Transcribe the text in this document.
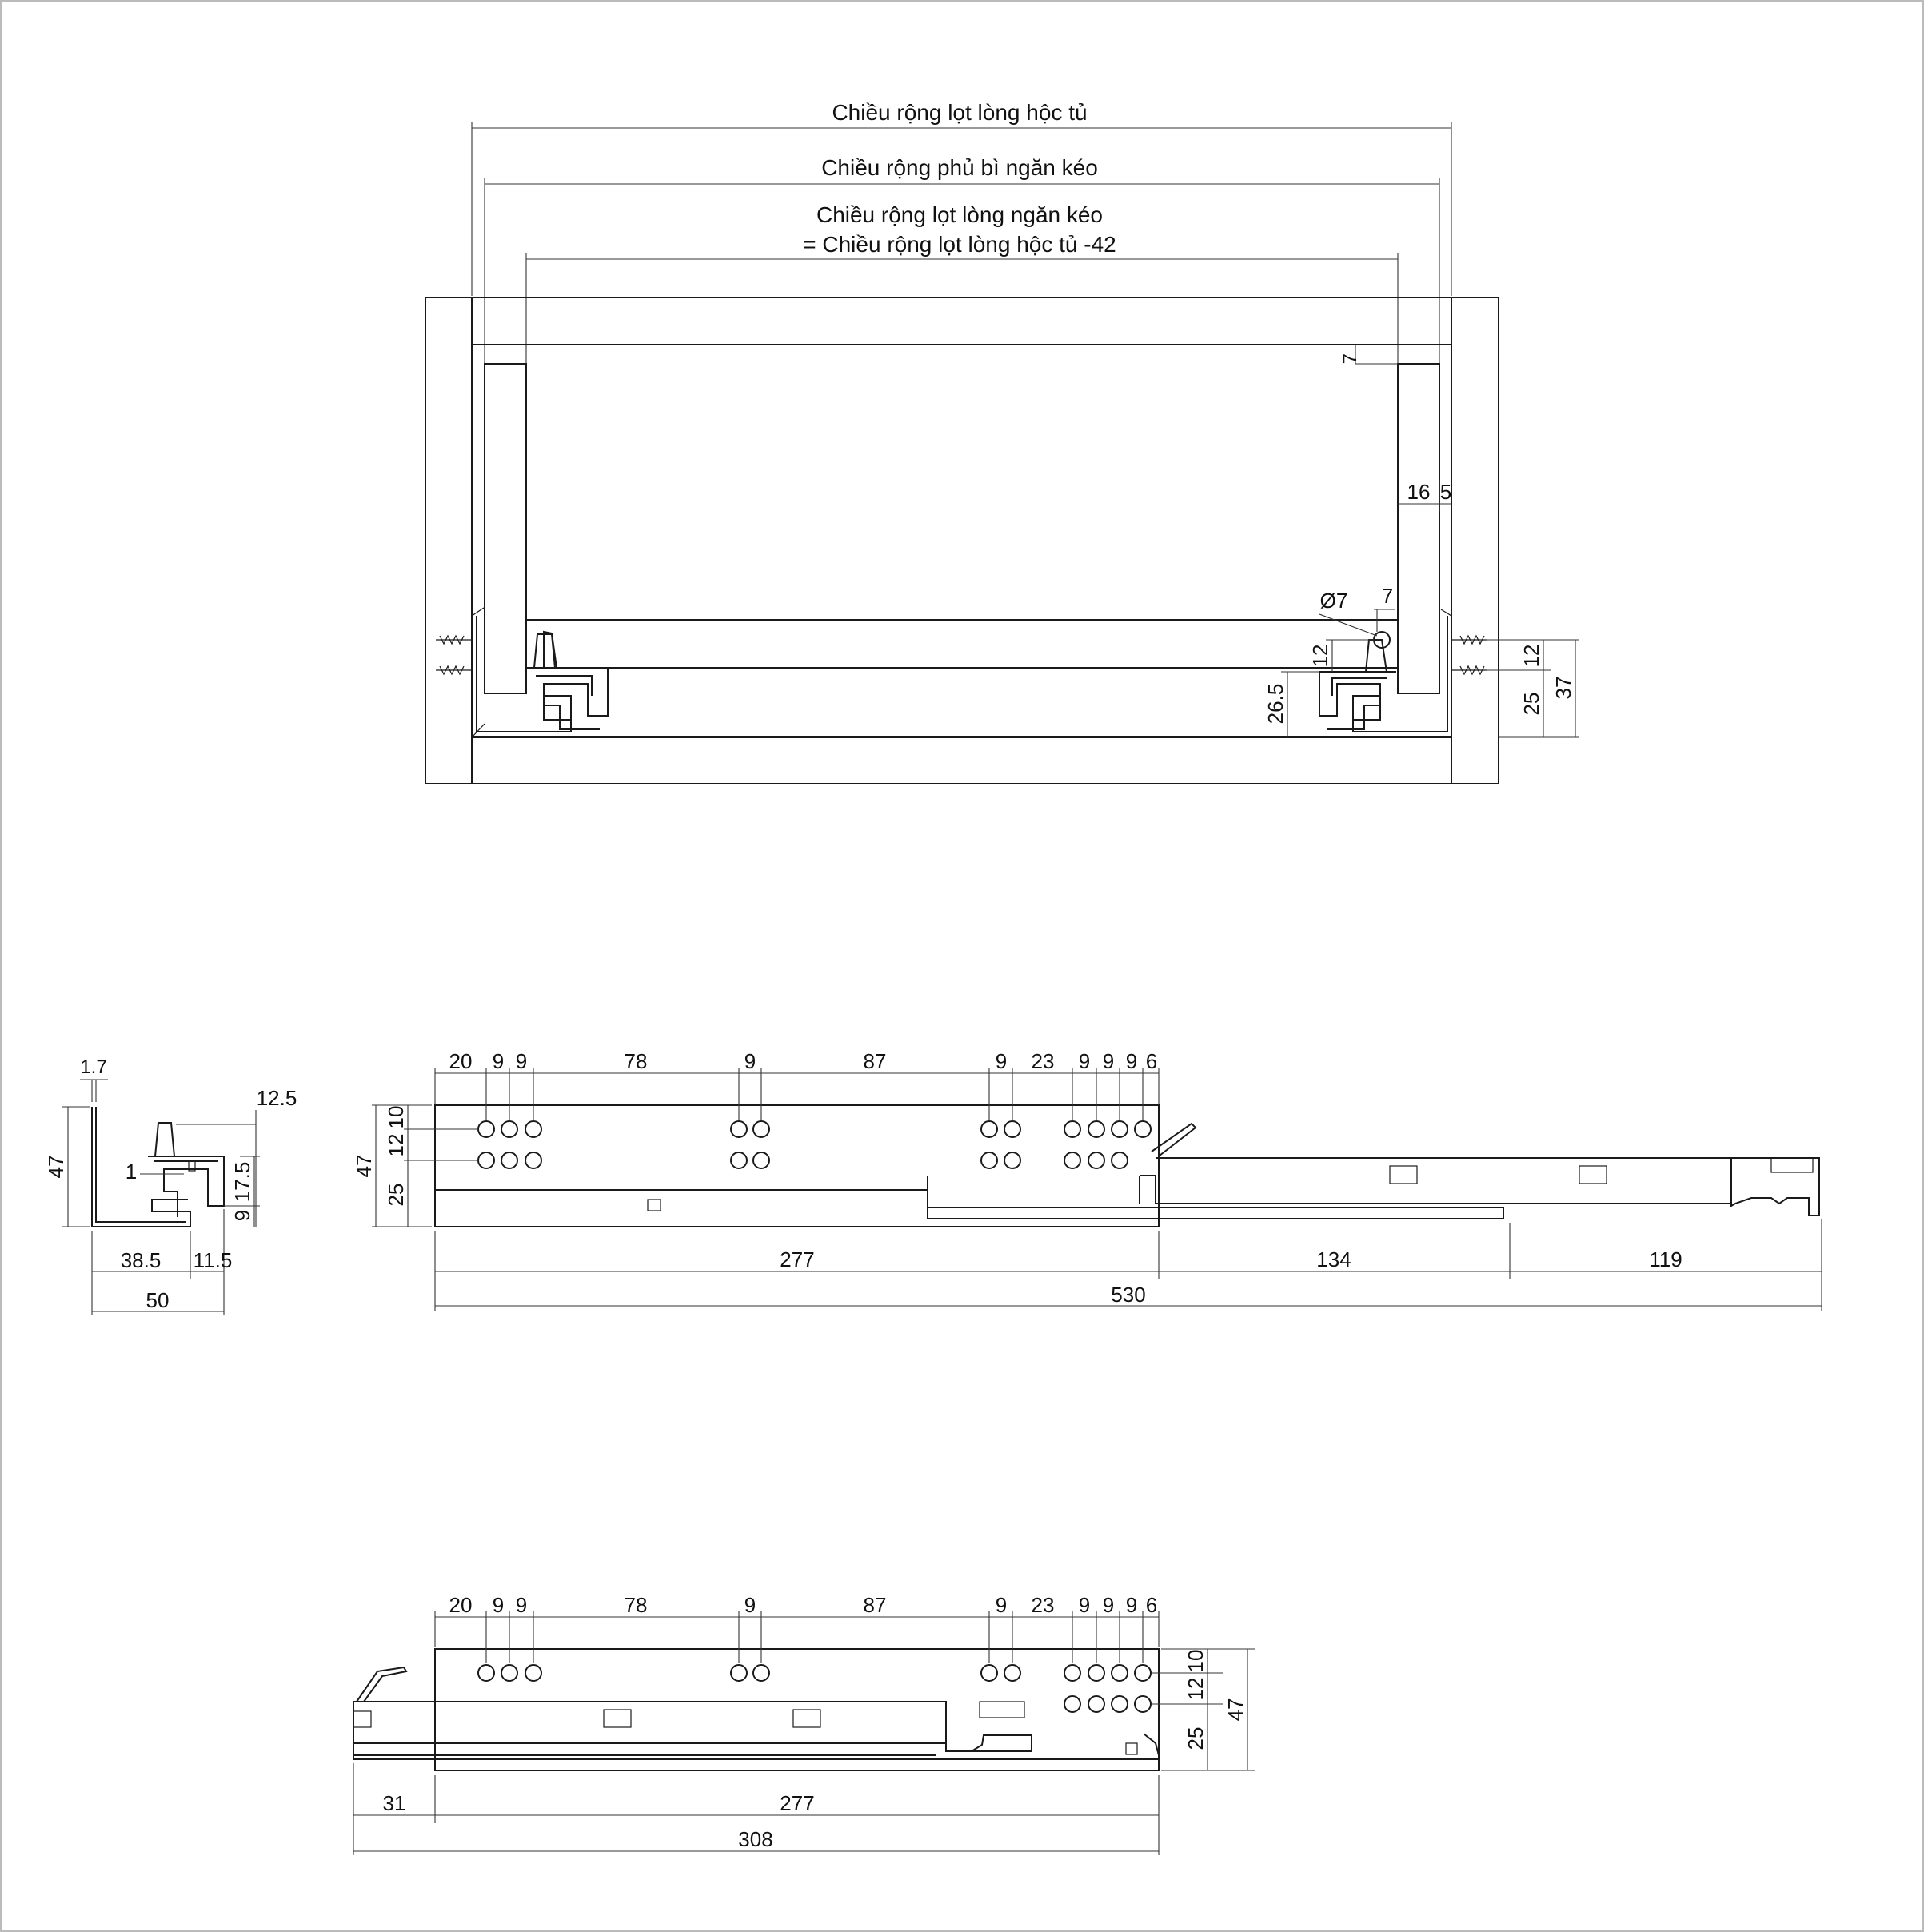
Chiều rộng lọt lòng hộc tủ
Chiều rộng phủ bì ngăn kéo
Chiều rộng lọt lòng ngăn kéo
= Chiều rộng lọt lòng hộc tủ -42
7
16 5
Ø7 7
12
26.5
12
25
37
1.7
12.5
47	1	17.5
9
38.5 11.5
50
20 9 9	78	9	87	9 23 9 9 9 6
47
10
12
25
277	134	119
530
20 9 9	78	9	87	9 23 9 9 9 6
10
12
25
47
31	277
308
